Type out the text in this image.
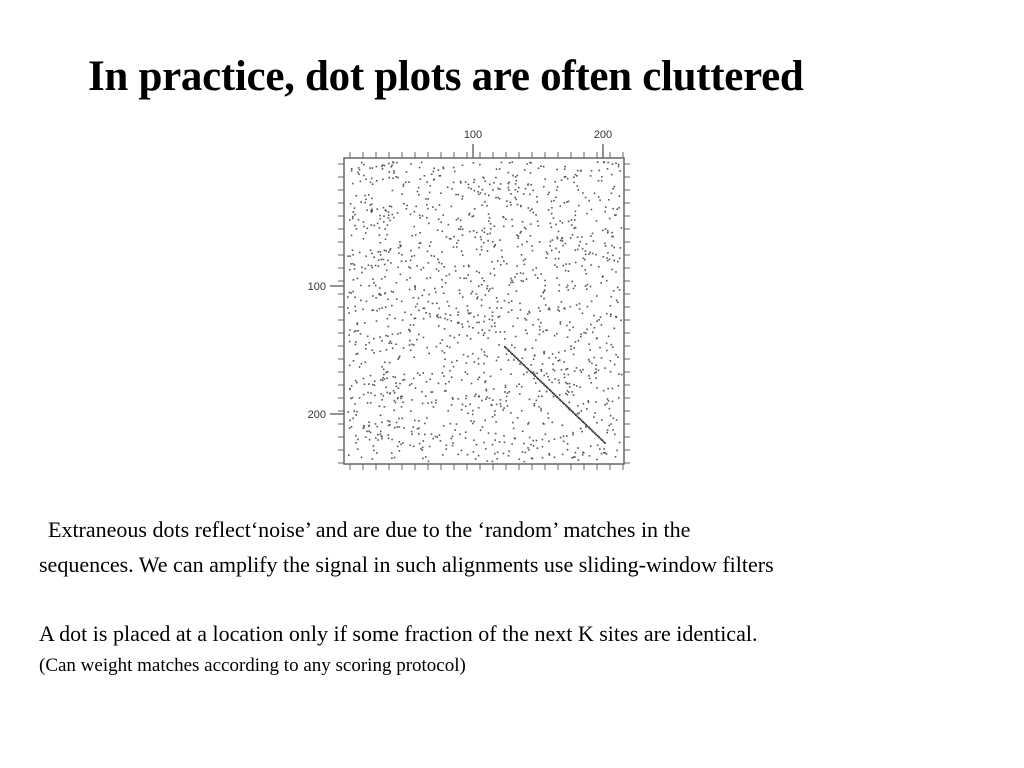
In practice, dot plots are often cluttered
100	200
100
200

Extraneous dots reflect‘noise’ and are due to the ‘random’ matches in the

sequences. We can amplify the signal in such alignments use sliding-window filters

A dot is placed at a location only if some fraction of the next K sites are identical.

(Can weight matches according to any scoring protocol)
